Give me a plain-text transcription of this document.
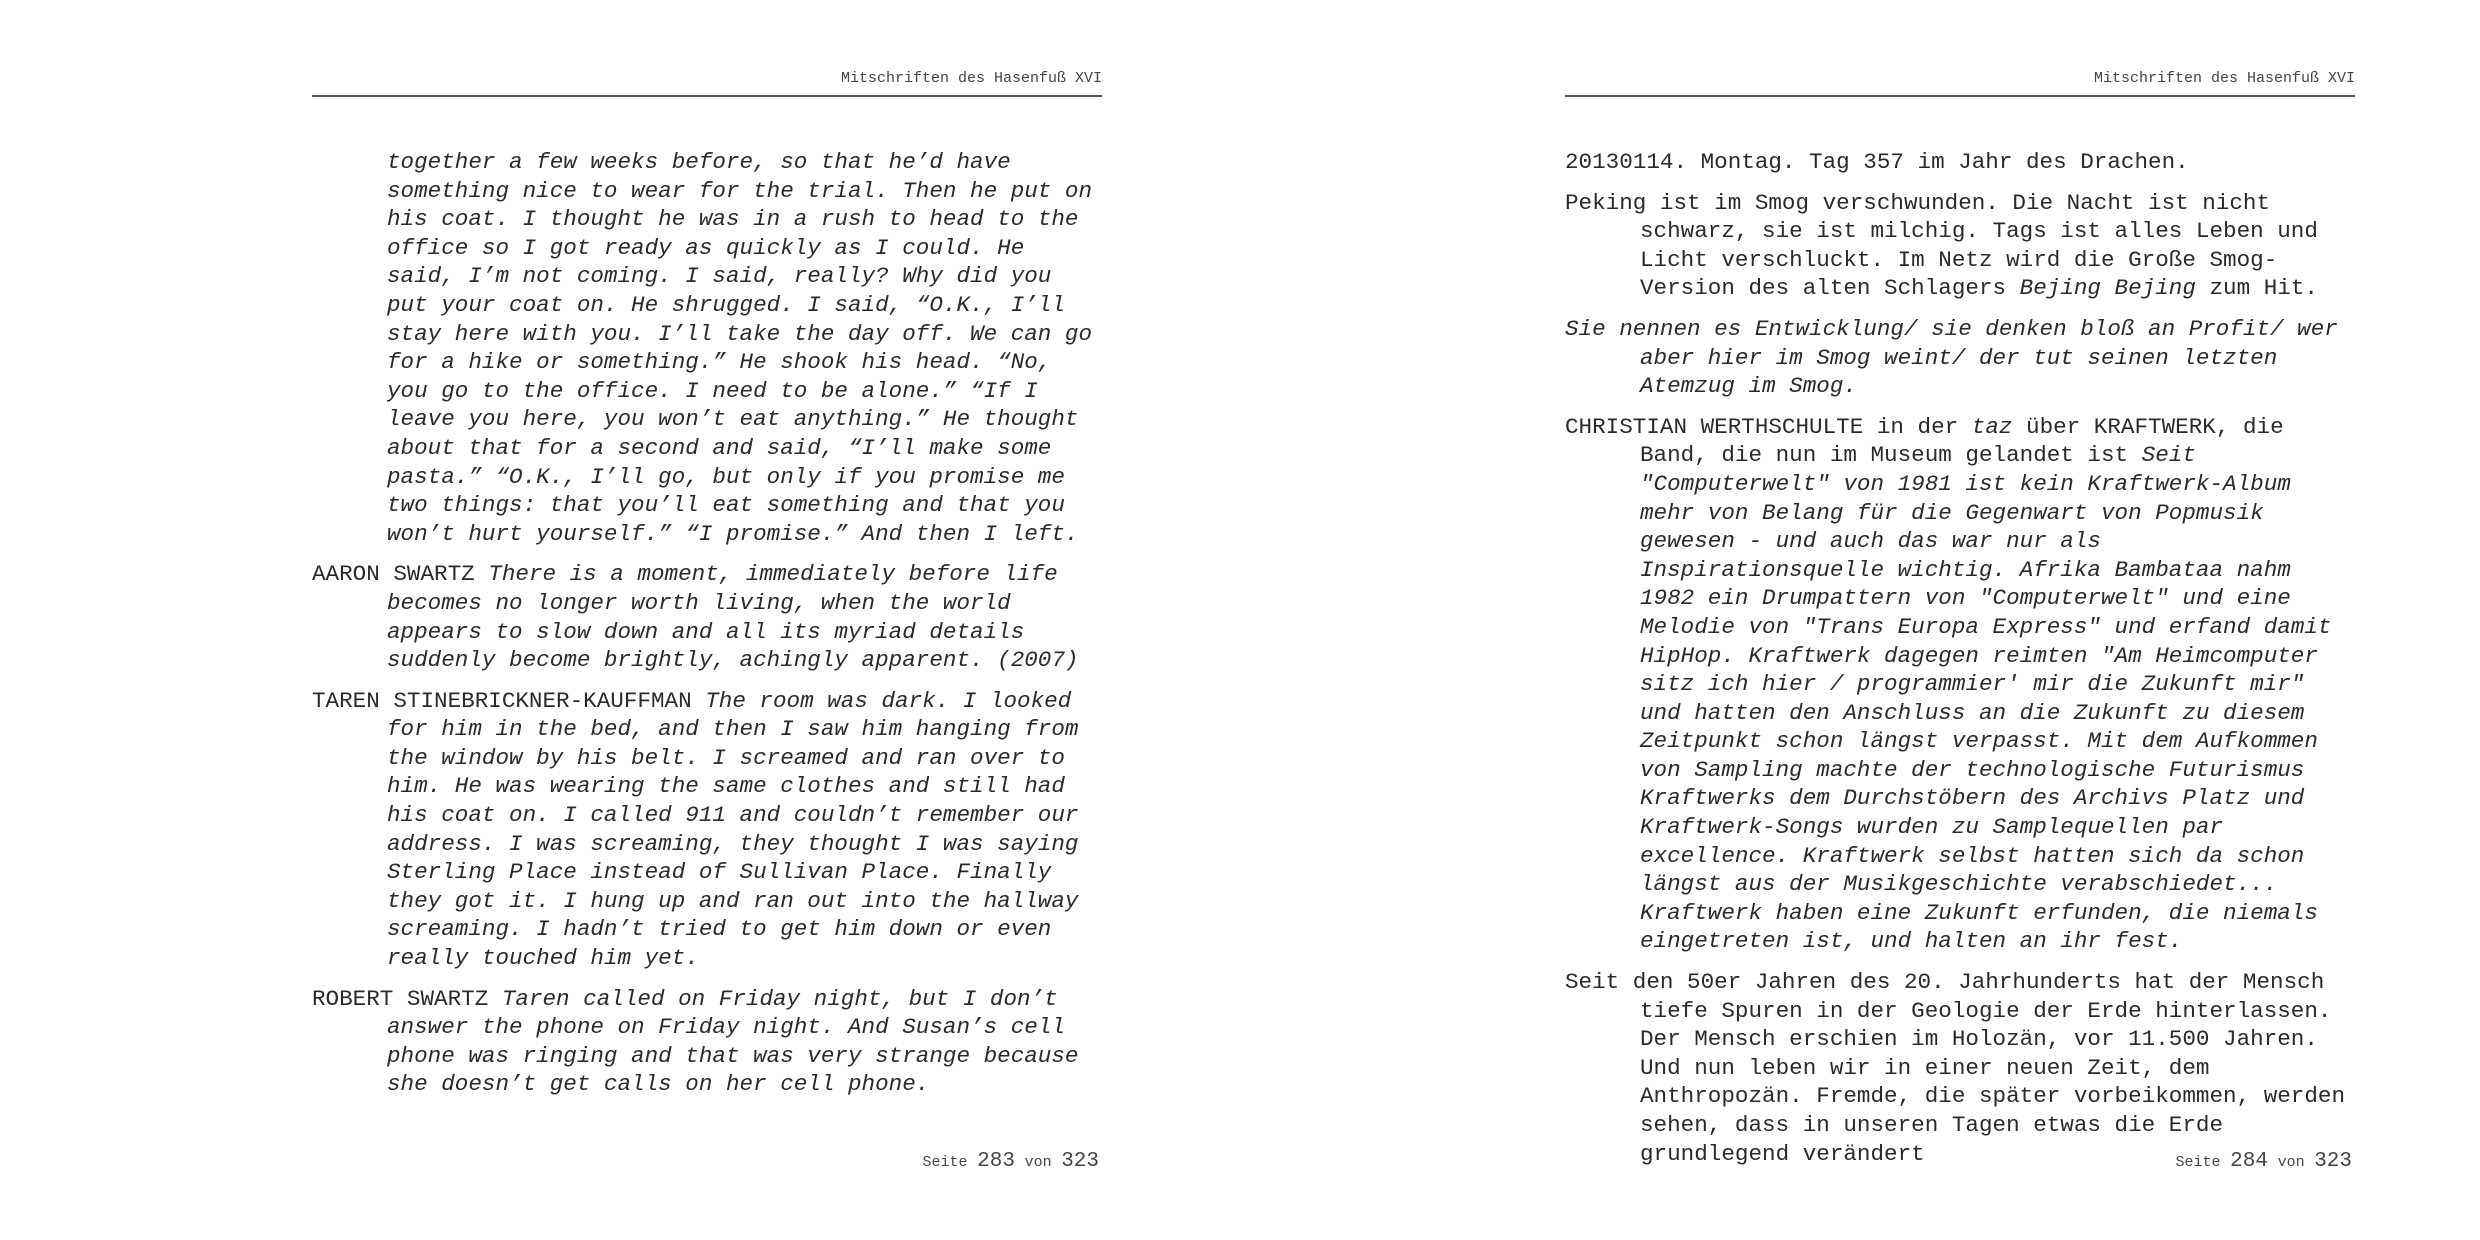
Mitschriften des Hasenfuß XVI

together a few weeks before, so that he’d have something nice to wear for the trial. Then he put on his coat. I thought he was in a rush to head to the office so I got ready as quickly as I could. He said, I’m not coming. I said, really? Why did you put your coat on. He shrugged. I said, “O.K., I’ll stay here with you. I’ll take the day off. We can go for a hike or something.” He shook his head. “No, you go to the office. I need to be alone.” “If I leave you here, you won’t eat anything.” He thought about that for a second and said, “I’ll make some pasta.” “O.K., I’ll go, but only if you promise me two things: that you’ll eat something and that you won’t hurt yourself.” “I promise.” And then I left.

AARON SWARTZ There is a moment, immediately before life becomes no longer worth living, when the world appears to slow down and all its myriad details suddenly become brightly, achingly apparent. (2007)

TAREN STINEBRICKNER-KAUFFMAN The room was dark. I looked for him in the bed, and then I saw him hanging from the window by his belt. I screamed and ran over to him. He was wearing the same clothes and still had his coat on. I called 911 and couldn’t remember our address. I was screaming, they thought I was saying Sterling Place instead of Sullivan Place. Finally they got it. I hung up and ran out into the hallway screaming. I hadn’t tried to get him down or even really touched him yet.

ROBERT SWARTZ Taren called on Friday night, but I don’t answer the phone on Friday night. And Susan’s cell phone was ringing and that was very strange because she doesn’t get calls on her cell phone.

Seite 283 von 323
Mitschriften des Hasenfuß XVI

20130114. Montag. Tag 357 im Jahr des Drachen.

Peking ist im Smog verschwunden. Die Nacht ist nicht schwarz, sie ist milchig. Tags ist alles Leben und Licht verschluckt. Im Netz wird die Große Smog-Version des alten Schlagers Bejing Bejing zum Hit.

Sie nennen es Entwicklung/ sie denken bloß an Profit/ wer aber hier im Smog weint/ der tut seinen letzten Atemzug im Smog.

CHRISTIAN WERTHSCHULTE in der taz über KRAFTWERK, die Band, die nun im Museum gelandet ist Seit "Computerwelt" von 1981 ist kein Kraftwerk-Album mehr von Belang für die Gegenwart von Popmusik gewesen - und auch das war nur als Inspirationsquelle wichtig. Afrika Bambataa nahm 1982 ein Drumpattern von "Computerwelt" und eine Melodie von "Trans Europa Express" und erfand damit HipHop. Kraftwerk dagegen reimten "Am Heimcomputer sitz ich hier / programmier' mir die Zukunft mir" und hatten den Anschluss an die Zukunft zu diesem Zeitpunkt schon längst verpasst. Mit dem Aufkommen von Sampling machte der technologische Futurismus Kraftwerks dem Durchstöbern des Archivs Platz und Kraftwerk-Songs wurden zu Samplequellen par excellence. Kraftwerk selbst hatten sich da schon längst aus der Musikgeschichte verabschiedet... Kraftwerk haben eine Zukunft erfunden, die niemals eingetreten ist, und halten an ihr fest.

Seit den 50er Jahren des 20. Jahrhunderts hat der Mensch tiefe Spuren in der Geologie der Erde hinterlassen. Der Mensch erschien im Holozän, vor 11.500 Jahren. Und nun leben wir in einer neuen Zeit, dem Anthropozän. Fremde, die später vorbeikommen, werden sehen, dass in unseren Tagen etwas die Erde grundlegend verändert	Seite 284 von 323
